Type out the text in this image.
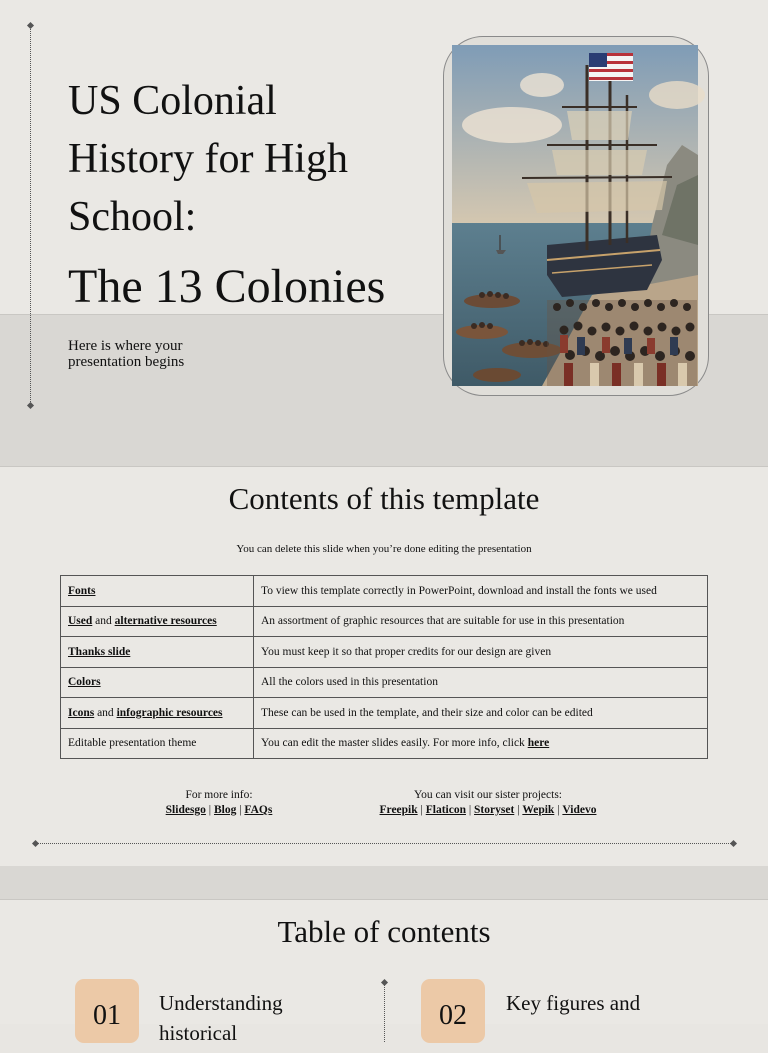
US Colonial History for High School:
The 13 Colonies
Here is where your presentation begins
Contents of this template
You can delete this slide when you’re done editing the presentation
Fonts	To view this template correctly in PowerPoint, download and install the fonts we used
Used and alternative resources	An assortment of graphic resources that are suitable for use in this presentation
Thanks slide	You must keep it so that proper credits for our design are given
Colors	All the colors used in this presentation
Icons and infographic resources	These can be used in the template, and their size and color can be edited
Editable presentation theme	You can edit the master slides easily. For more info, click here
For more info:
Slidesgo | Blog | FAQs
You can visit our sister projects:
Freepik | Flaticon | Storyset | Wepik | Videvo
Table of contents
01	Understanding historical
02	Key figures and
